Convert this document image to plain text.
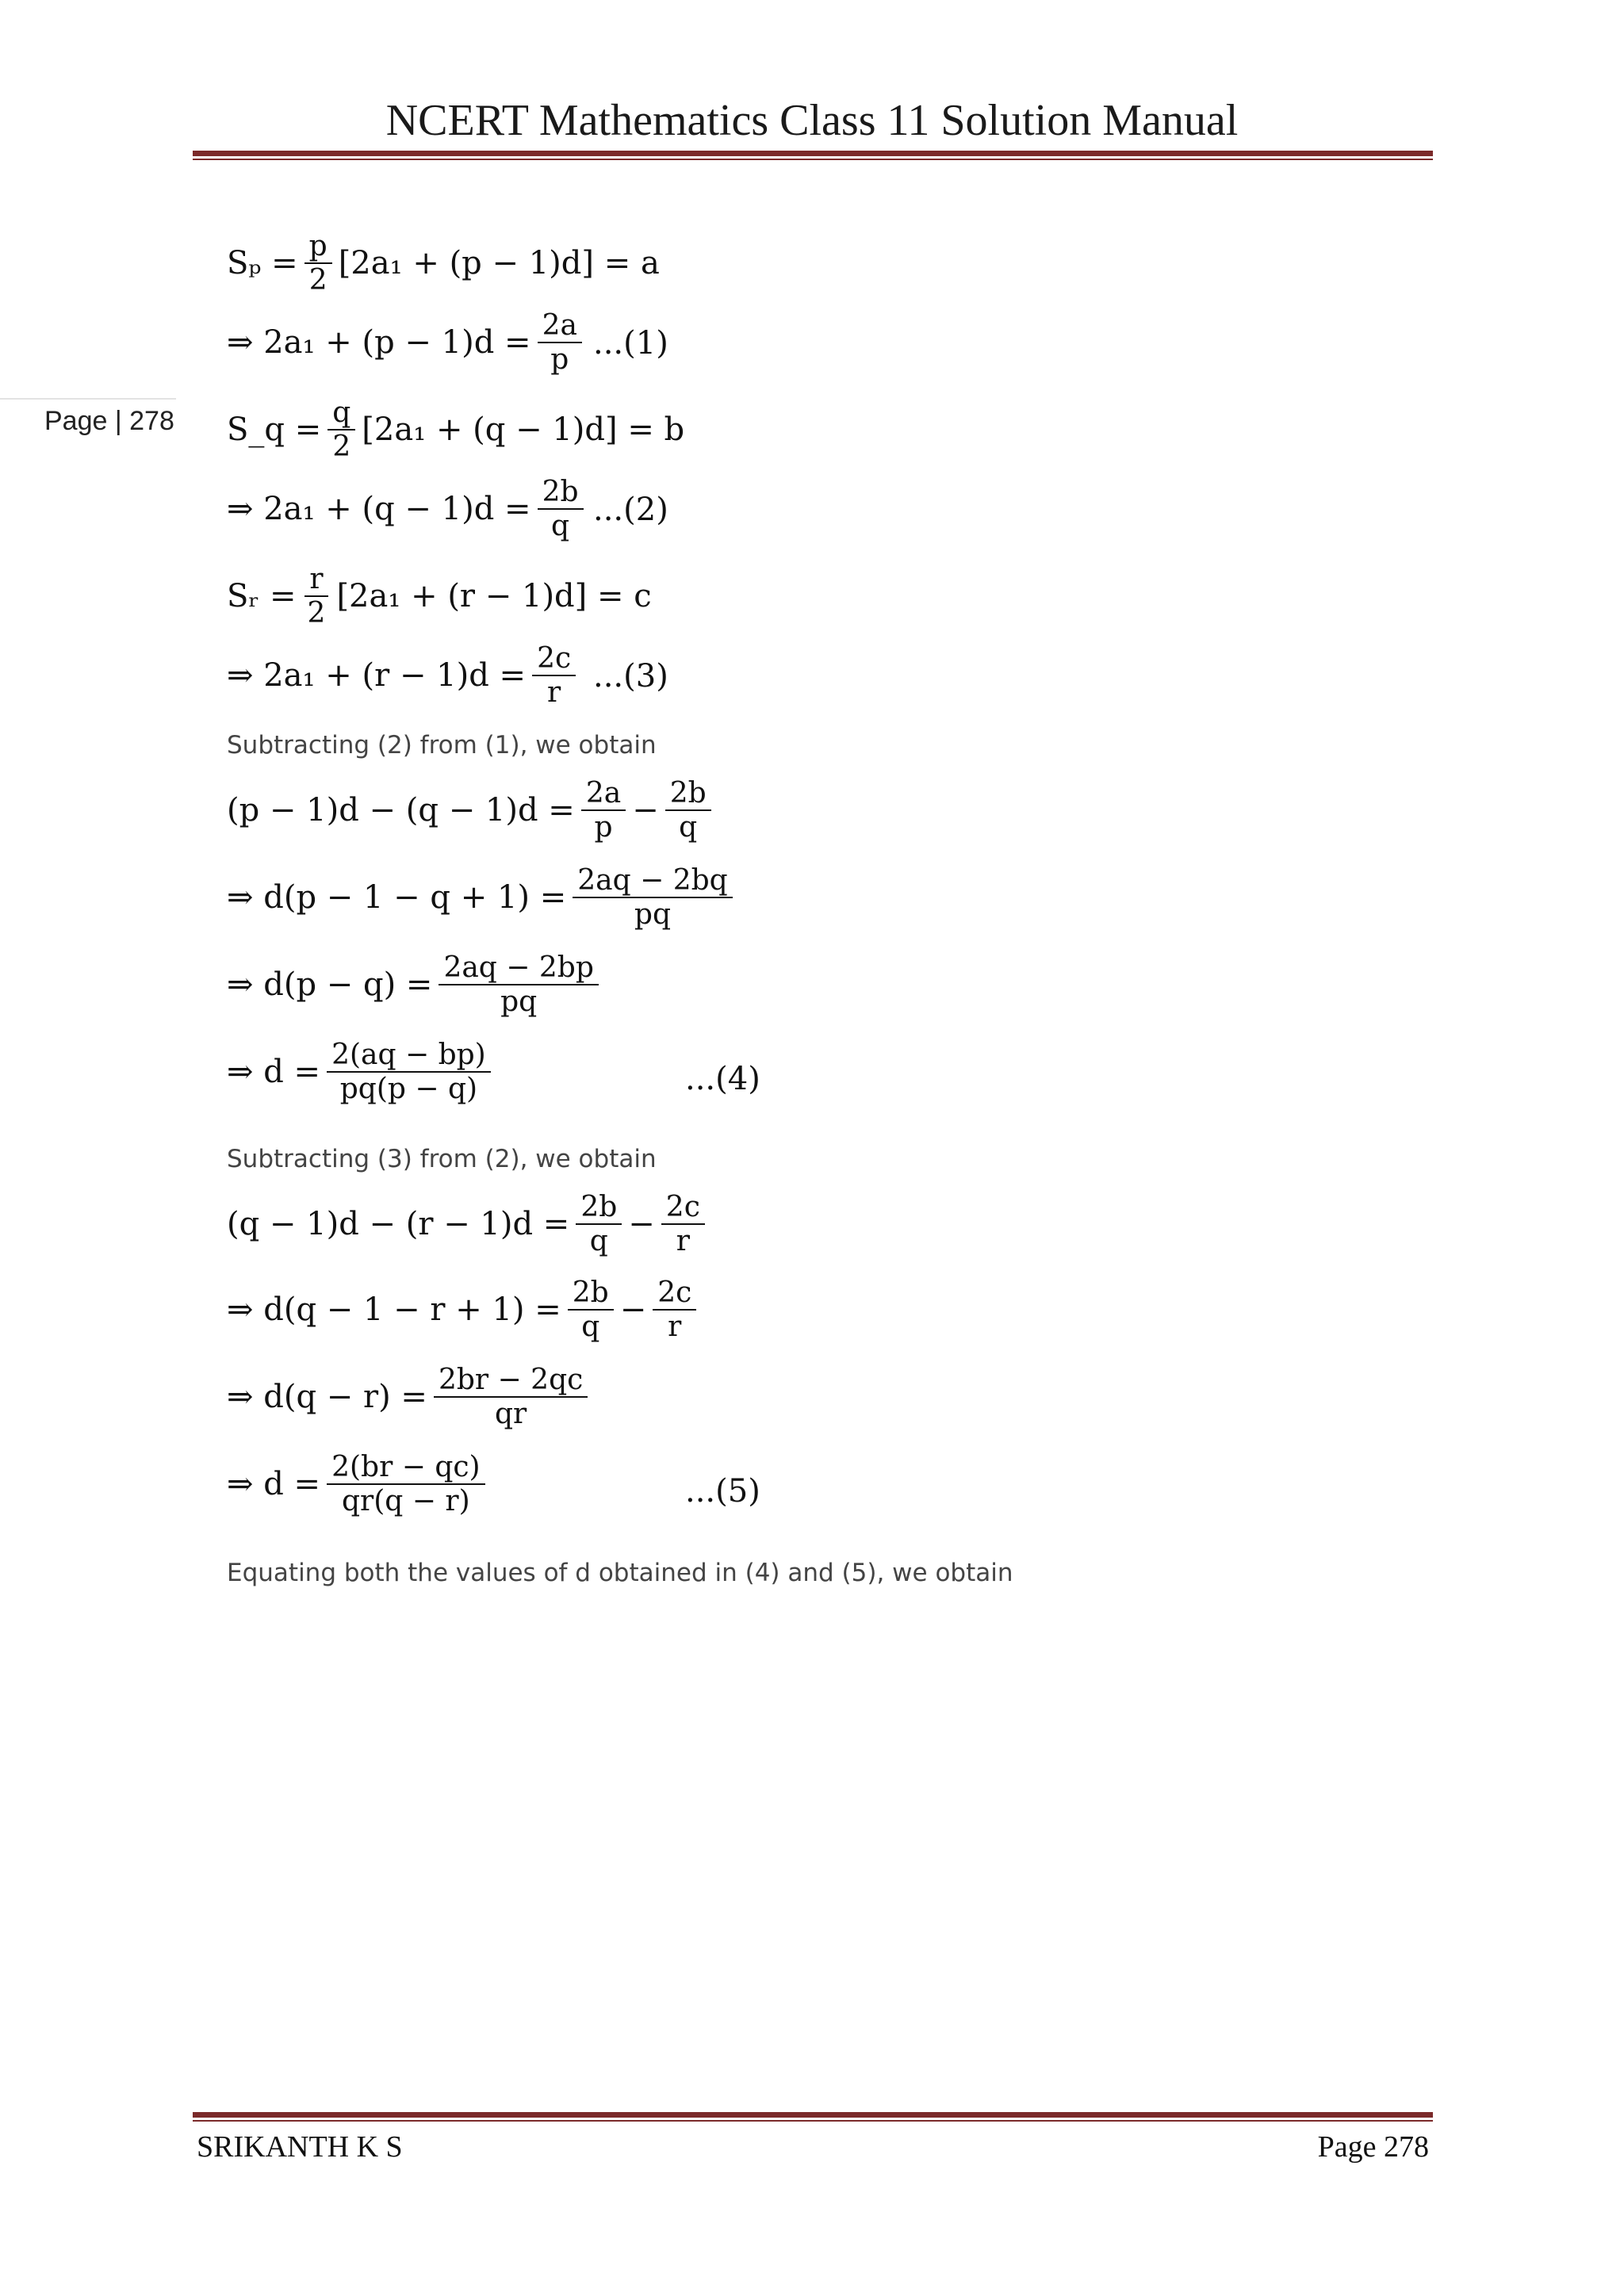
NCERT Mathematics Class 11 Solution Manual
Page | 278
$S_p = \frac{p}{2} [2a_1 + (p - 1)d] = a$
⇒ $2a_1 + (p - 1)d = \frac{2a}{p} ...(1)$
S_q = $\frac{q}{2} [2a_1 + (q - 1)d] = b$
⇒ $2a_1 + (q - 1)d = \frac{2b}{q} ...(2)$
Sᵣ = $\frac{r}{2} [2a_1 + (r - 1)d] = c$
⇒ $2a_1 + (r - 1)d = \frac{2c}{r} ...(3)$
Subtracting (2) from (1), we obtain
$(p - 1)d - (q - 1)d = \frac{2a}{p} - \frac{2b}{q}$
⇒ $d(p - 1 - q + 1) = \frac{2aq - 2bq}{pq}$
⇒ $d(p - q) = \frac{2aq - 2bp}{pq}$
⇒ $d = \frac{2(aq - bp)}{pq(p - q)}$	...(4)
Subtracting (3) from (2), we obtain
$(q - 1)d - (r - 1)d = \frac{2b}{q} - \frac{2c}{r}$
⇒ $d(q - 1 - r + 1) = \frac{2b}{q} - \frac{2c}{r}$
⇒ $d(q - r) = \frac{2br - 2qc}{qr}$
⇒ $d = \frac{2(br - qc)}{qr(q - r)}$	...(5)
Equating both the values of d obtained in (4) and (5), we obtain
SRIKANTH K S	Page 278
